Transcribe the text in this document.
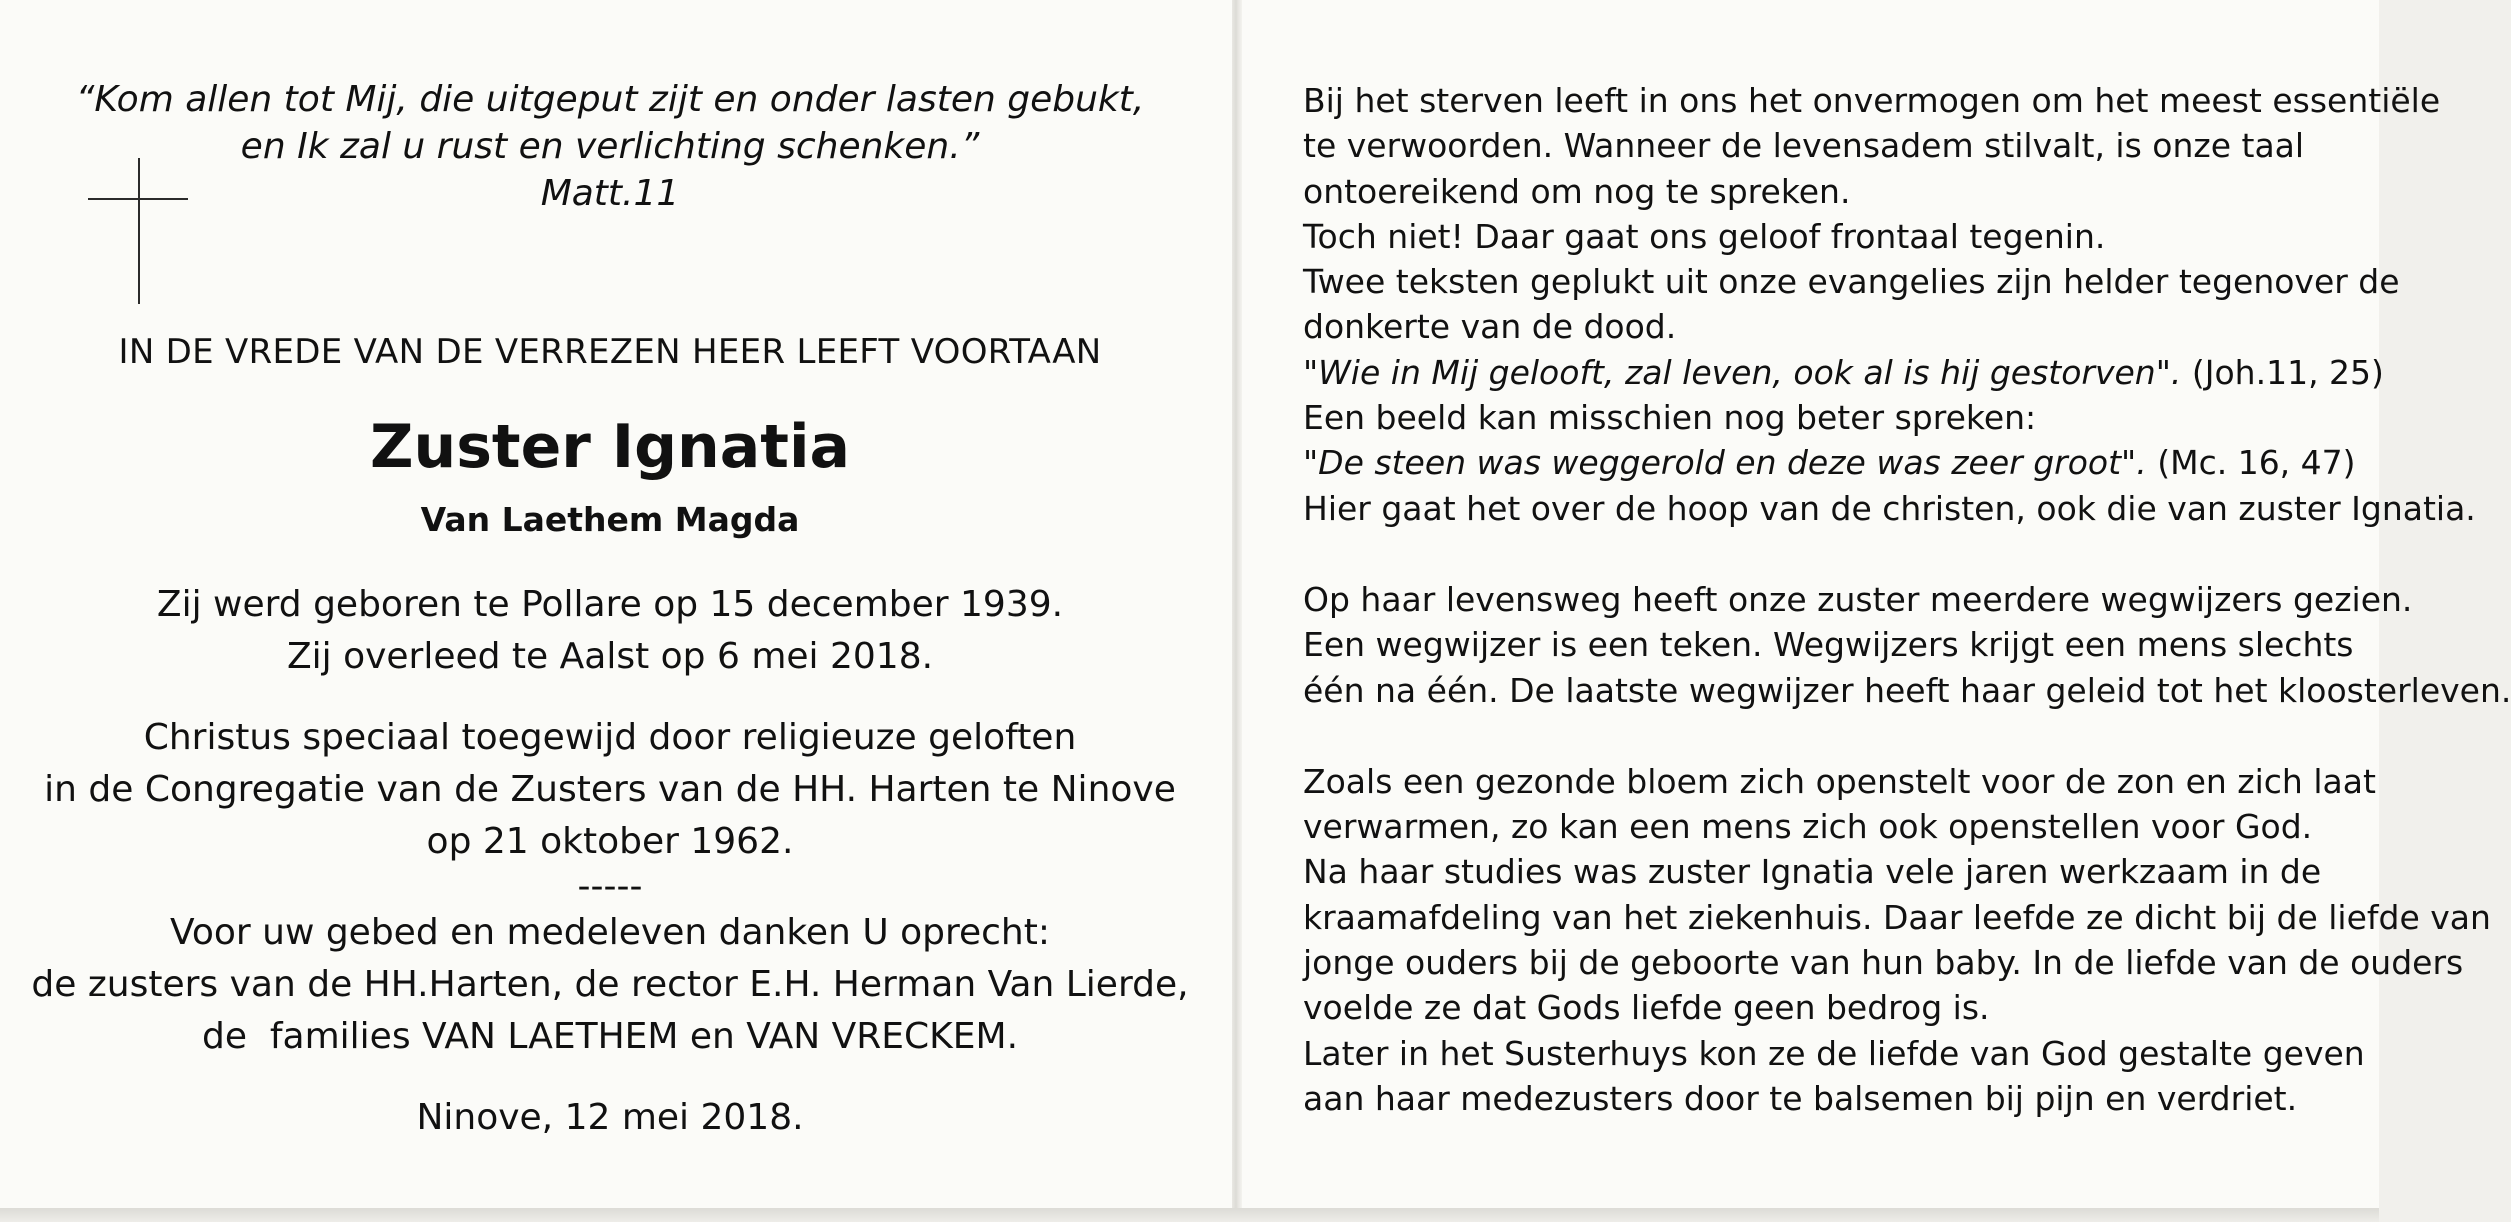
“Kom allen tot Mij, die uitgeput zijt en onder lasten gebukt,
en Ik zal u rust en verlichting schenken.”
Matt.11
IN DE VREDE VAN DE VERREZEN HEER LEEFT VOORTAAN
Zuster Ignatia
Van Laethem Magda
Zij werd geboren te Pollare op 15 december 1939.
Zij overleed te Aalst op 6 mei 2018.
Christus speciaal toegewijd door religieuze geloften
in de Congregatie van de Zusters van de HH. Harten te Ninove
op 21 oktober 1962.
-----
Voor uw gebed en medeleven danken U oprecht:
de zusters van de HH.Harten, de rector E.H. Herman Van Lierde,
de  families VAN LAETHEM en VAN VRECKEM.
Ninove, 12 mei 2018.
Bij het sterven leeft in ons het onvermogen om het meest essentiële
te verwoorden. Wanneer de levensadem stilvalt, is onze taal
ontoereikend om nog te spreken.
Toch niet! Daar gaat ons geloof frontaal tegenin.
Twee teksten geplukt uit onze evangelies zijn helder tegenover de
donkerte van de dood.
"Wie in Mij gelooft, zal leven, ook al is hij gestorven". (Joh.11, 25)
Een beeld kan misschien nog beter spreken:
"De steen was weggerold en deze was zeer groot". (Mc. 16, 47)
Hier gaat het over de hoop van de christen, ook die van zuster Ignatia.
Op haar levensweg heeft onze zuster meerdere wegwijzers gezien.
Een wegwijzer is een teken. Wegwijzers krijgt een mens slechts
één na één. De laatste wegwijzer heeft haar geleid tot het kloosterleven.
Zoals een gezonde bloem zich openstelt voor de zon en zich laat
verwarmen, zo kan een mens zich ook openstellen voor God.
Na haar studies was zuster Ignatia vele jaren werkzaam in de
kraamafdeling van het ziekenhuis. Daar leefde ze dicht bij de liefde van
jonge ouders bij de geboorte van hun baby. In de liefde van de ouders
voelde ze dat Gods liefde geen bedrog is.
Later in het Susterhuys kon ze de liefde van God gestalte geven
aan haar medezusters door te balsemen bij pijn en verdriet.
